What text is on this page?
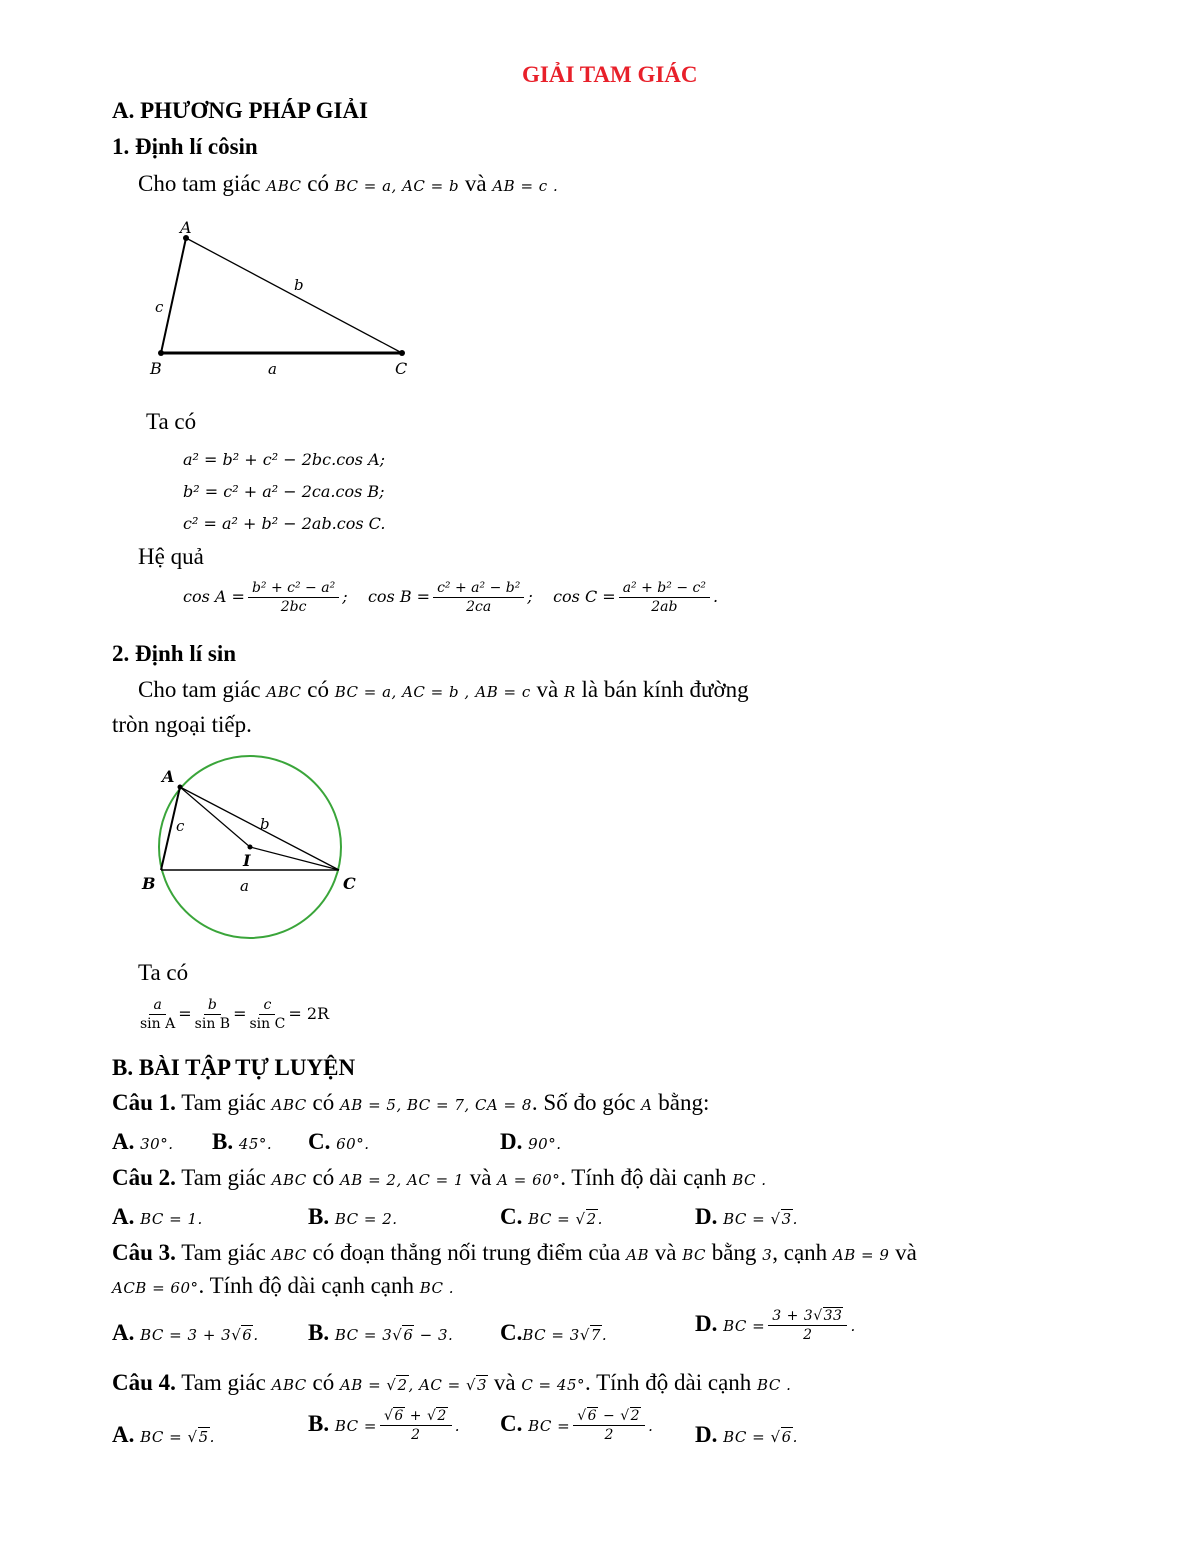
GIẢI TAM GIÁC
A. PHƯƠNG PHÁP GIẢI
1. Định lí côsin
Cho tam giác ABC có BC = a, AC = b và AB = c .
A
B	C
a
b
c
Ta có
a² = b² + c² − 2bc.cos A;
b² = c² + a² − 2ca.cos B;
c² = a² + b² − 2ab.cos C.
Hệ quả
$\cos A = \frac{\text{b² + c² − a²}}{2bc}$ ;    $\cos B = \frac{\text{c² + a² − b²}}{2ca}$ ;    $\cos C = \frac{\text{a² + b² − c²}}{2ab}$ .
2. Định lí sin
Cho tam giác ABC có BC = a, AC = b , AB = c và R là bán kính đường
tròn ngoại tiếp.
A
B	C
I
a
b
c
Ta có
$\frac{a}{\text{sin A}} = \frac{b}{\text{sin B}} = \frac{c}{\text{sin C}} = 2R$
B. BÀI TẬP TỰ LUYỆN
Câu 1. Tam giác ABC có AB = 5, BC = 7, CA = 8. Số đo góc A bằng:
A. 30°. B. 45°. C. 60°.	D. 90°.
Câu 2. Tam giác ABC có AB = 2, AC = 1 và A = 60°. Tính độ dài cạnh BC .
A. BC = 1.	B. BC = 2.	C. BC = √2.	D. BC = √3.
Câu 3. Tam giác ABC có đoạn thẳng nối trung điểm của AB và BC bằng 3, cạnh AB = 9 và
ACB = 60°. Tính độ dài cạnh cạnh BC .
A. BC = 3 + 3√6. B. BC = 3√6 − 3. C.BC = 3√7.	D. BC = $\frac{3 + 3√33}{2}$ .
Câu 4. Tam giác ABC có AB = √2, AC = √3 và C = 45°. Tính độ dài cạnh BC .
A. BC = √5.
B. BC = $\frac{√6 + √2}{2}$ . C. BC = $\frac{√6 - √2}{2}$ . D. BC = √6.
